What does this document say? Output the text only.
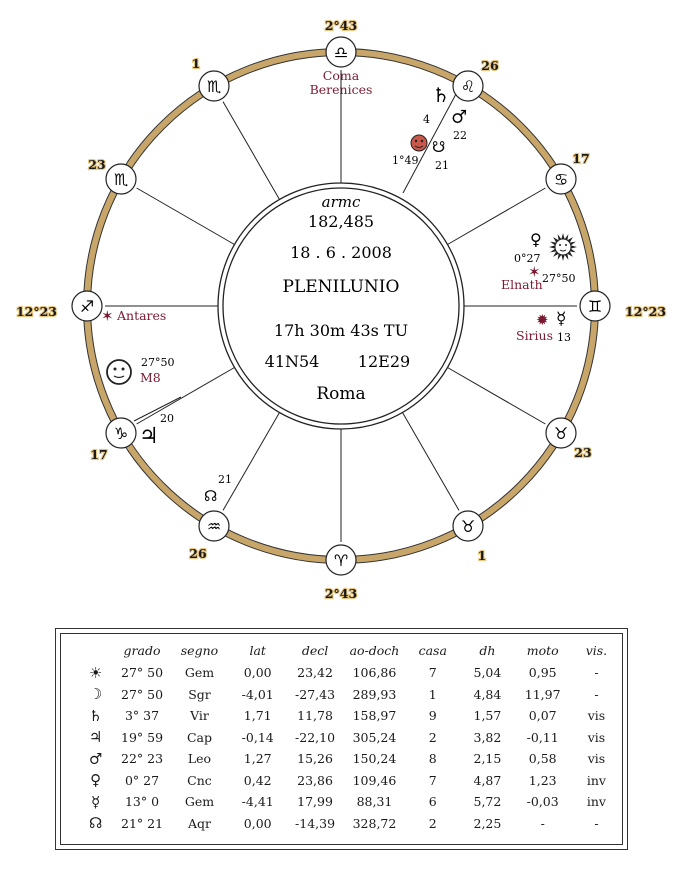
♎
2°43
♌
26
♋
17
♊ 12°23
♉
23
♉
1
♈
2°43
♒
26
♑
17
♐
12°23
♏
23
♏
1
armc
182,485
18 . 6 . 2008
PLENILUNIO
17h 30m 43s TU
41N54 12E29
Roma
Coma Berenices	♄
4 ♂
22
☋
1°49 21
0°27
♀
✶ 27°50
Elnath
✹ ☿
Sirius 13
✶ Antares
27°50
M8
♃
20
21
☊
	grado	segno	lat	decl	ao-doch	casa	dh	moto	vis.
☀	27° 50	Gem	0,00	23,42	106,86	7	5,04	0,95	-
☽	27° 50	Sgr	-4,01	-27,43	289,93	1	4,84	11,97	-
♄	3° 37	Vir	1,71	11,78	158,97	9	1,57	0,07	vis
♃	19° 59	Cap	-0,14	-22,10	305,24	2	3,82	-0,11	vis
♂	22° 23	Leo	1,27	15,26	150,24	8	2,15	0,58	vis
♀	0° 27	Cnc	0,42	23,86	109,46	7	4,87	1,23	inv
☿	13° 0	Gem	-4,41	17,99	88,31	6	5,72	-0,03	inv
☊	21° 21	Aqr	0,00	-14,39	328,72	2	2,25	-	-
